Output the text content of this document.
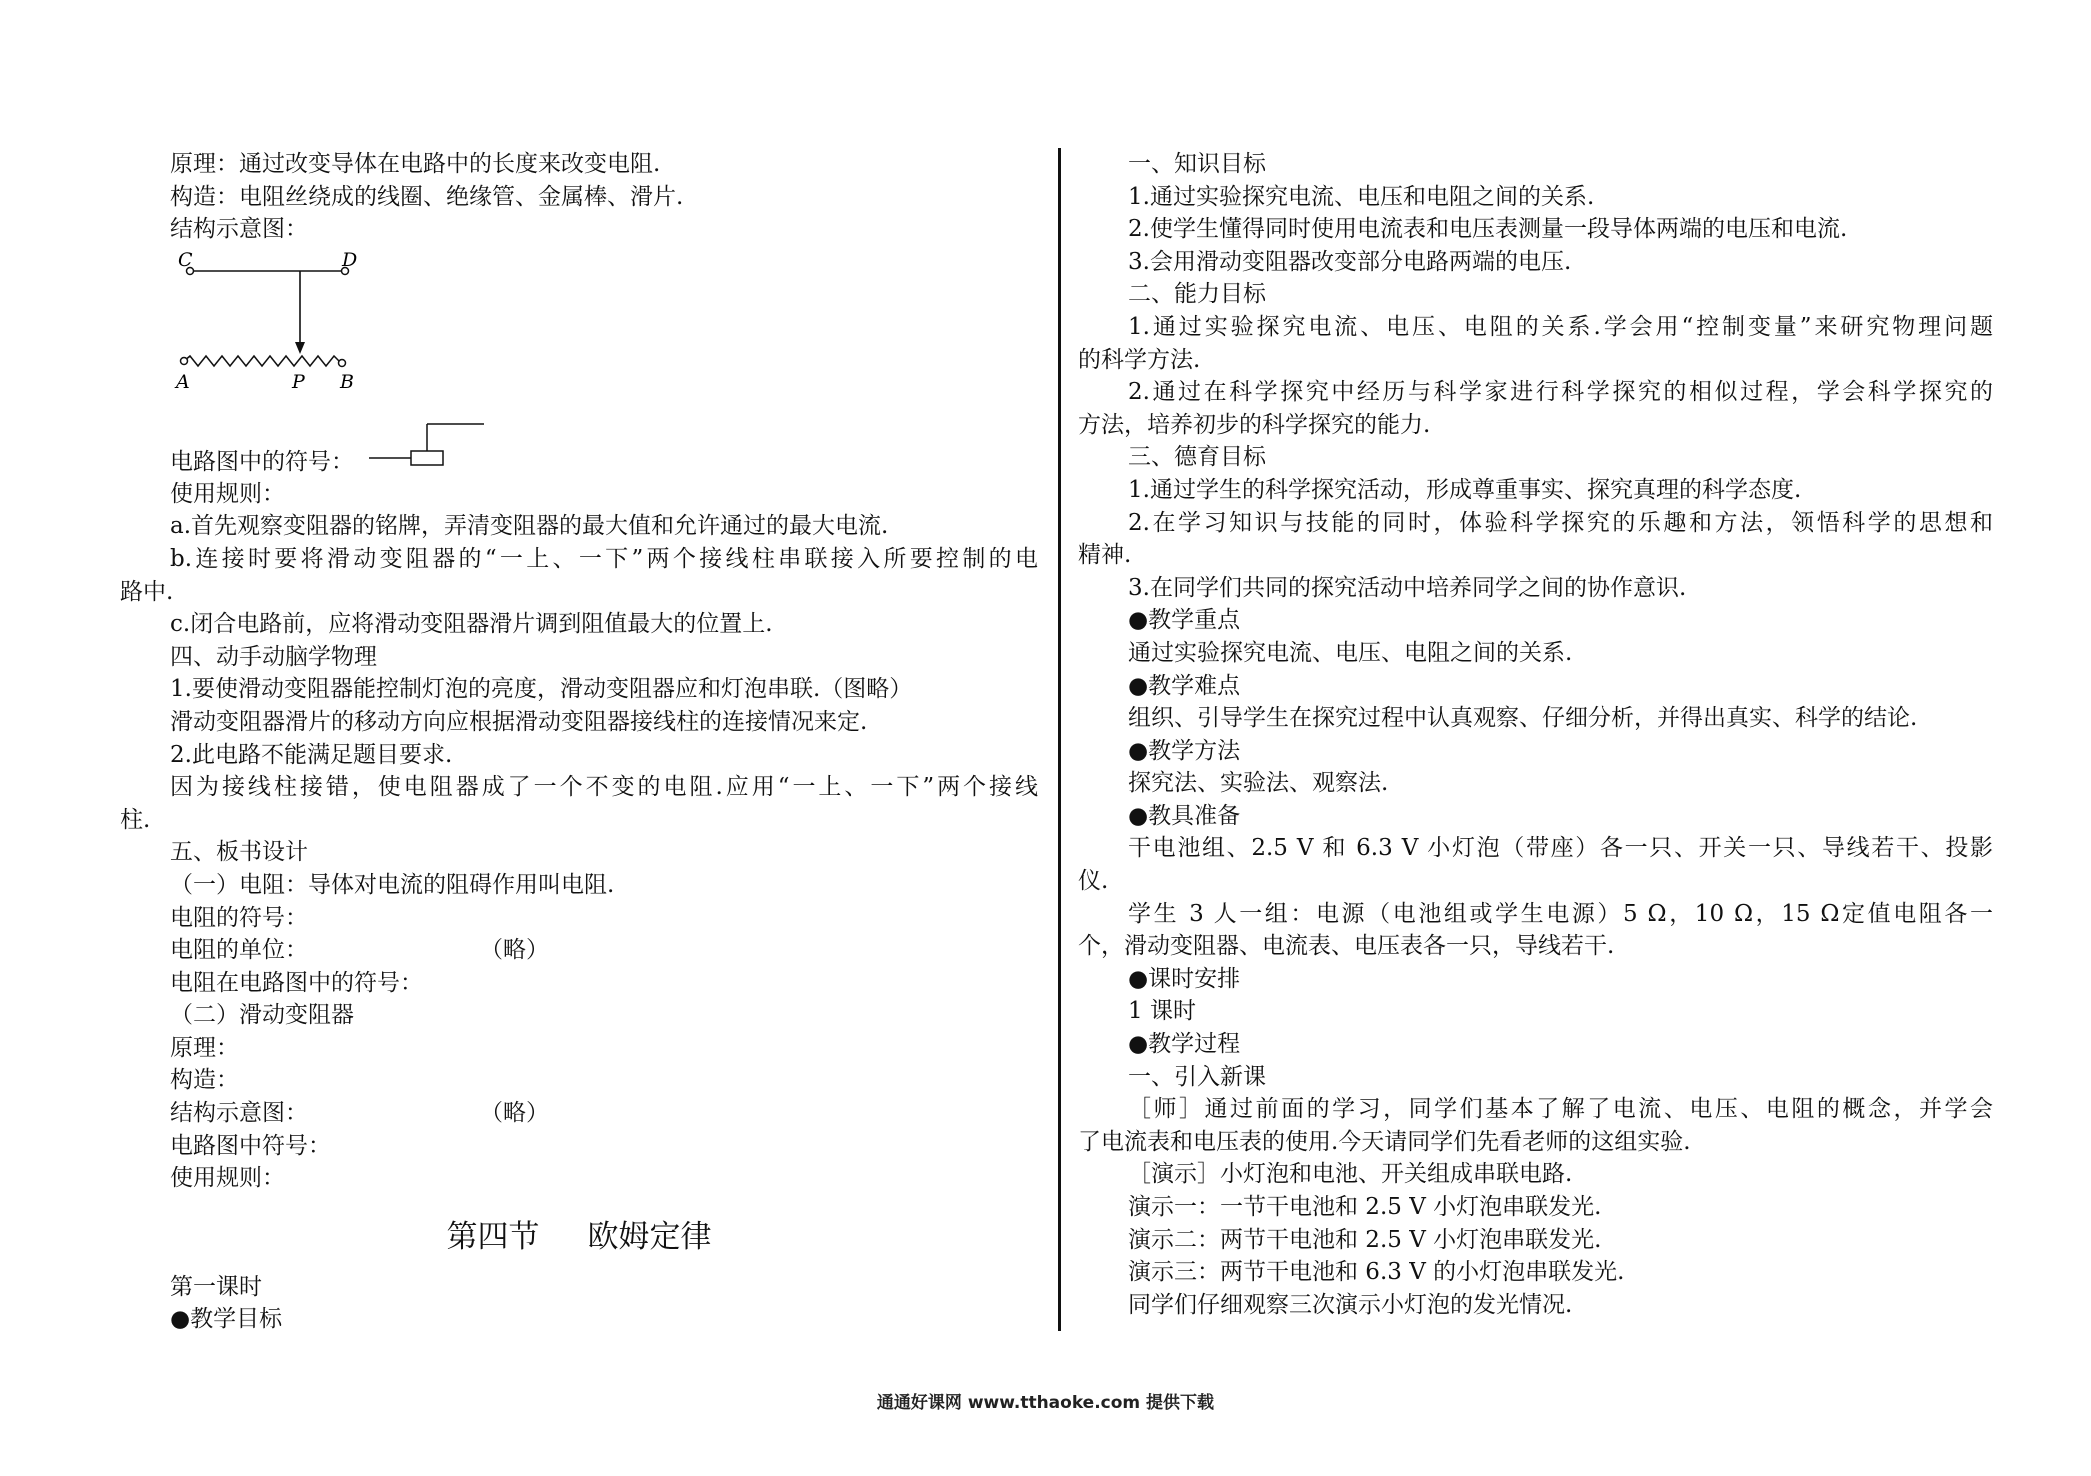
原理：通过改变导体在电路中的长度来改变电阻.
构造：电阻丝绕成的线圈、绝缘管、金属棒、滑片.
结构示意图：
C	D
A	P B
电路图中的符号：
使用规则：
a.首先观察变阻器的铭牌，弄清变阻器的最大值和允许通过的最大电流.
b.连接时要将滑动变阻器的“一上、一下”两个接线柱串联接入所要控制的电
路中.
c.闭合电路前，应将滑动变阻器滑片调到阻值最大的位置上.
四、动手动脑学物理
1.要使滑动变阻器能控制灯泡的亮度，滑动变阻器应和灯泡串联.（图略）
滑动变阻器滑片的移动方向应根据滑动变阻器接线柱的连接情况来定.
2.此电路不能满足题目要求.
因为接线柱接错，使电阻器成了一个不变的电阻.应用“一上、一下”两个接线
柱.
五、板书设计
（一）电阻：导体对电流的阻碍作用叫电阻.
电阻的符号：
电阻的单位：	（略）
电阻在电路图中的符号：
（二）滑动变阻器
原理：
构造：
结构示意图：	（略）
电路图中符号：
使用规则：
第四节 欧姆定律
第一课时
●教学目标
一、知识目标
1.通过实验探究电流、电压和电阻之间的关系.
2.使学生懂得同时使用电流表和电压表测量一段导体两端的电压和电流.
3.会用滑动变阻器改变部分电路两端的电压.
二、能力目标
1.通过实验探究电流、电压、电阻的关系.学会用“控制变量”来研究物理问题
的科学方法.
2.通过在科学探究中经历与科学家进行科学探究的相似过程，学会科学探究的
方法，培养初步的科学探究的能力.
三、德育目标
1.通过学生的科学探究活动，形成尊重事实、探究真理的科学态度.
2.在学习知识与技能的同时，体验科学探究的乐趣和方法，领悟科学的思想和
精神.
3.在同学们共同的探究活动中培养同学之间的协作意识.
●教学重点
通过实验探究电流、电压、电阻之间的关系.
●教学难点
组织、引导学生在探究过程中认真观察、仔细分析，并得出真实、科学的结论.
●教学方法
探究法、实验法、观察法.
●教具准备
干电池组、2.5 V 和 6.3 V 小灯泡（带座）各一只、开关一只、导线若干、投影
仪.
学生 3 人一组：电源（电池组或学生电源）5 Ω，10 Ω，15 Ω定值电阻各一
个，滑动变阻器、电流表、电压表各一只，导线若干.
●课时安排
1 课时
●教学过程
一、引入新课
［师］通过前面的学习，同学们基本了解了电流、电压、电阻的概念，并学会
了电流表和电压表的使用.今天请同学们先看老师的这组实验.
［演示］小灯泡和电池、开关组成串联电路.
演示一：一节干电池和 2.5 V 小灯泡串联发光.
演示二：两节干电池和 2.5 V 小灯泡串联发光.
演示三：两节干电池和 6.3 V 的小灯泡串联发光.
同学们仔细观察三次演示小灯泡的发光情况.
通通好课网 www.tthaoke.com 提供下载
